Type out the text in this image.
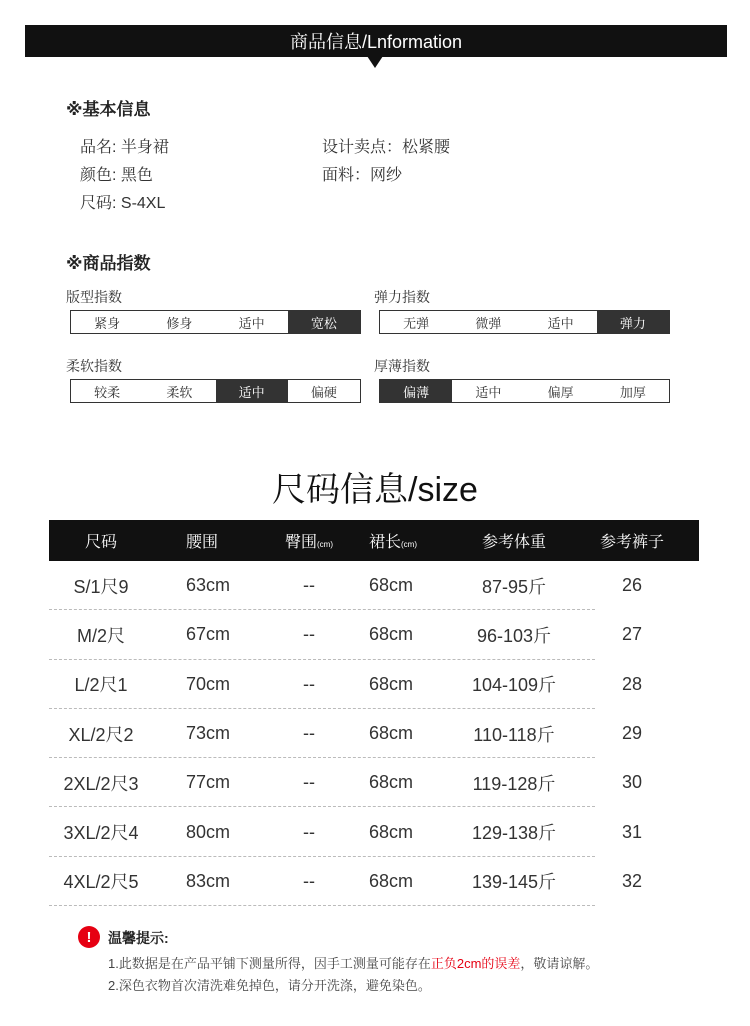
商品信息/Lnformation
※基本信息
品名: 半身裙
颜色: 黑色
尺码: S-4XL
设计卖点：松紧腰
面料：网纱
※商品指数
版型指数
紧身	修身	适中	宽松
弹力指数
无弹	微弹	适中	弹力
柔软指数
较柔	柔软	适中	偏硬
厚薄指数
偏薄	适中	偏厚	加厚
尺码信息/size
尺码	腰围	臀围(cm)	裙长(cm)	参考体重	参考裤子
S/1尺9	63cm	--	68cm	87-95斤	26
M/2尺	67cm	--	68cm	96-103斤	27
L/2尺1	70cm	--	68cm	104-109斤	28
XL/2尺2	73cm	--	68cm	110-118斤	29
2XL/2尺3	77cm	--	68cm	119-128斤	30
3XL/2尺4	80cm	--	68cm	129-138斤	31
4XL/2尺5	83cm	--	68cm	139-145斤	32
!	温馨提示:
1.此数据是在产品平铺下测量所得，因手工测量可能存在正负2cm的误差，敬请谅解。
2.深色衣物首次清洗难免掉色，请分开洗涤，避免染色。
